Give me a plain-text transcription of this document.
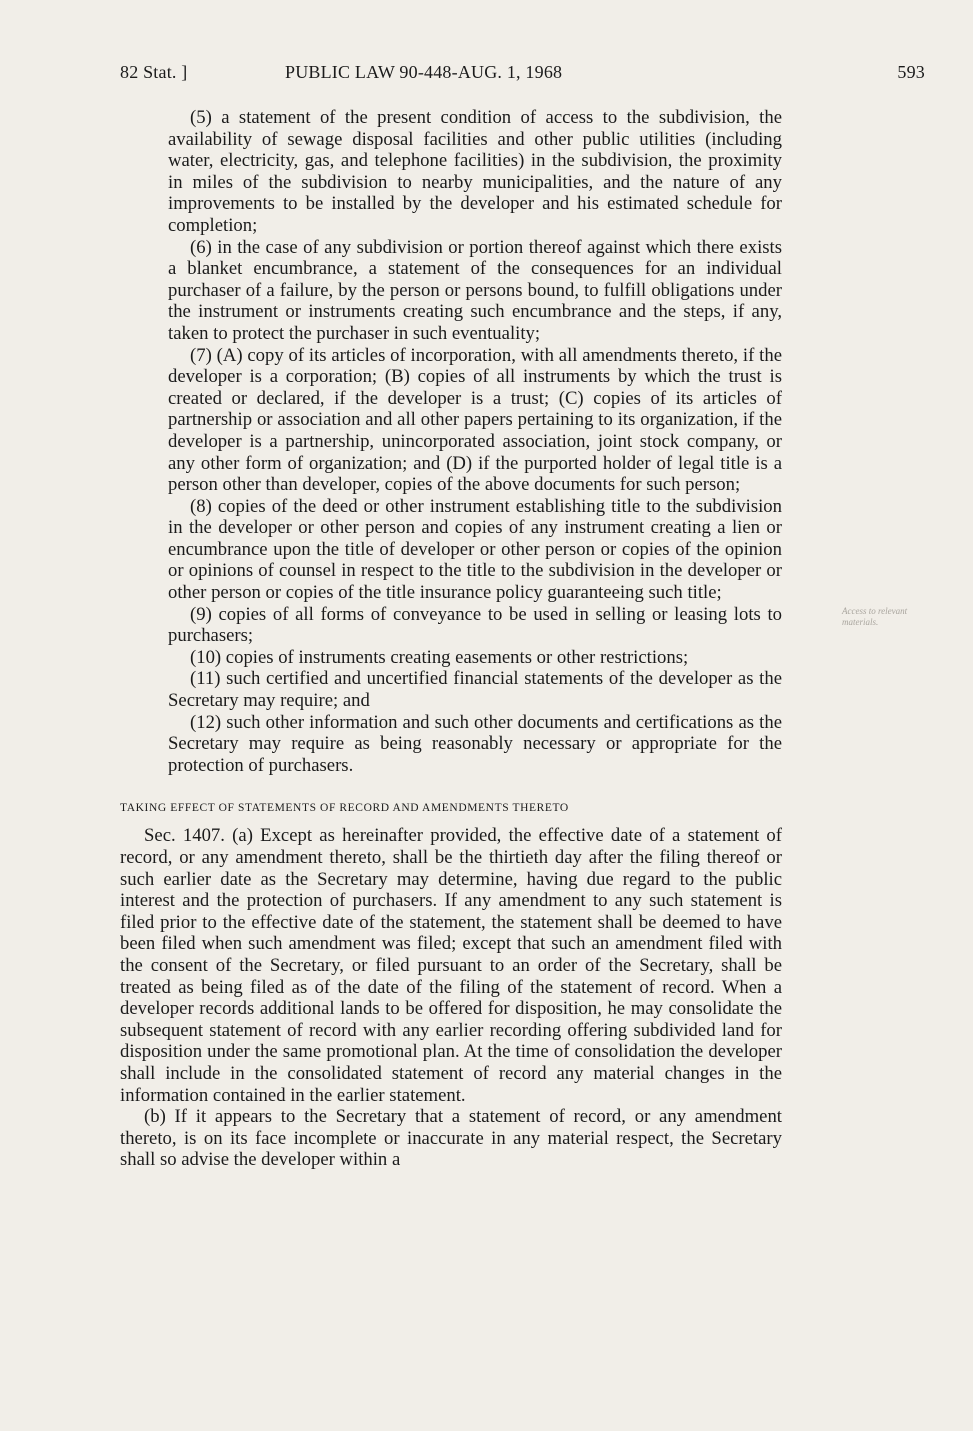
82 Stat. ]	PUBLIC LAW 90-448-AUG. 1, 1968	593
Access to relevant materials.

(5) a statement of the present condition of access to the subdivision, the availability of sewage disposal facilities and other public utilities (including water, electricity, gas, and telephone facilities) in the subdivision, the proximity in miles of the subdivision to nearby municipalities, and the nature of any improvements to be installed by the developer and his estimated schedule for completion;

(6) in the case of any subdivision or portion thereof against which there exists a blanket encumbrance, a statement of the consequences for an individual purchaser of a failure, by the person or persons bound, to fulfill obligations under the instrument or instruments creating such encumbrance and the steps, if any, taken to protect the purchaser in such eventuality;

(7) (A) copy of its articles of incorporation, with all amendments thereto, if the developer is a corporation; (B) copies of all instruments by which the trust is created or declared, if the developer is a trust; (C) copies of its articles of partnership or association and all other papers pertaining to its organization, if the developer is a partnership, unincorporated association, joint stock company, or any other form of organization; and (D) if the purported holder of legal title is a person other than developer, copies of the above documents for such person;

(8) copies of the deed or other instrument establishing title to the subdivision in the developer or other person and copies of any instrument creating a lien or encumbrance upon the title of developer or other person or copies of the opinion or opinions of counsel in respect to the title to the subdivision in the developer or other person or copies of the title insurance policy guaranteeing such title;

(9) copies of all forms of conveyance to be used in selling or leasing lots to purchasers;

(10) copies of instruments creating easements or other restrictions;

(11) such certified and uncertified financial statements of the developer as the Secretary may require; and

(12) such other information and such other documents and certifications as the Secretary may require as being reasonably necessary or appropriate for the protection of purchasers.

TAKING EFFECT OF STATEMENTS OF RECORD AND AMENDMENTS THERETO

Sec. 1407. (a) Except as hereinafter provided, the effective date of a statement of record, or any amendment thereto, shall be the thirtieth day after the filing thereof or such earlier date as the Secretary may determine, having due regard to the public interest and the protection of purchasers. If any amendment to any such statement is filed prior to the effective date of the statement, the statement shall be deemed to have been filed when such amendment was filed; except that such an amendment filed with the consent of the Secretary, or filed pursuant to an order of the Secretary, shall be treated as being filed as of the date of the filing of the statement of record. When a developer records additional lands to be offered for disposition, he may consolidate the subsequent statement of record with any earlier recording offering subdivided land for disposition under the same promotional plan. At the time of consolidation the developer shall include in the consolidated statement of record any material changes in the information contained in the earlier statement.

(b) If it appears to the Secretary that a statement of record, or any amendment thereto, is on its face incomplete or inaccurate in any material respect, the Secretary shall so advise the developer within a
